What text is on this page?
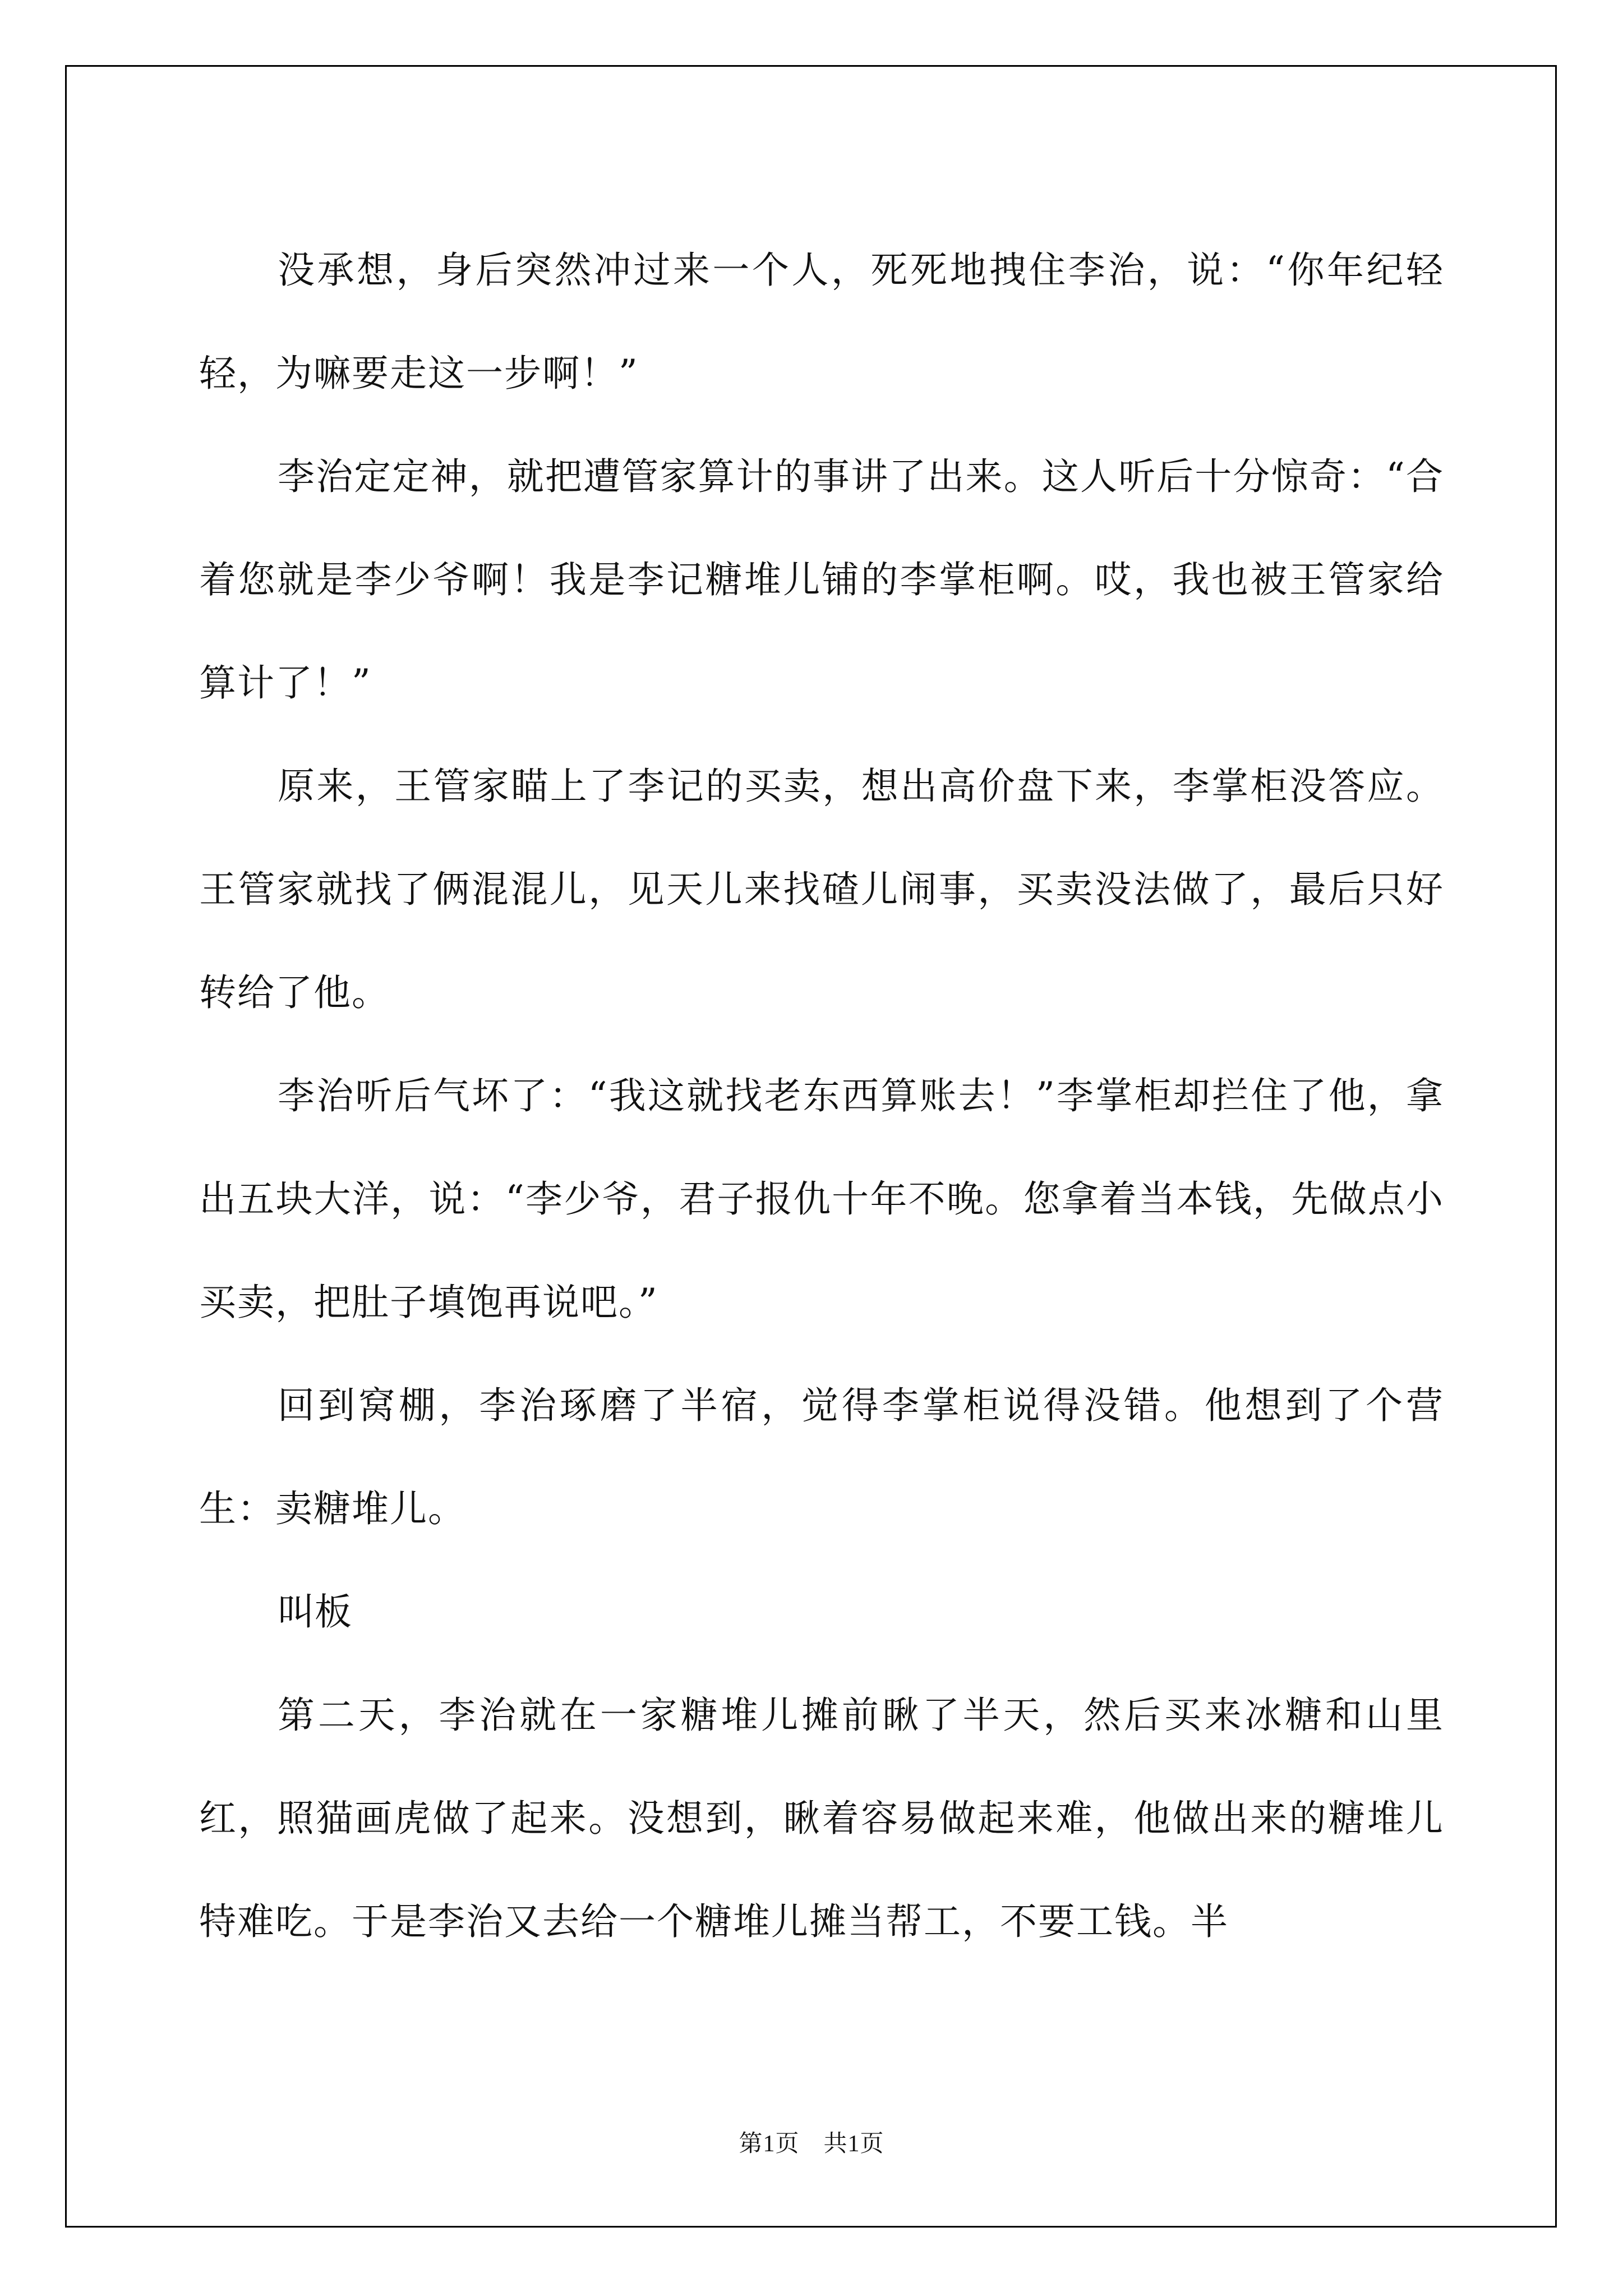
没承想，身后突然冲过来一个人，死死地拽住李治，说：“你年纪轻轻，为嘛要走这一步啊！”

李治定定神，就把遭管家算计的事讲了出来。这人听后十分惊奇：“合着您就是李少爷啊！我是李记糖堆儿铺的李掌柜啊。哎，我也被王管家给算计了！”

原来，王管家瞄上了李记的买卖，想出高价盘下来，李掌柜没答应。王管家就找了俩混混儿，见天儿来找碴儿闹事，买卖没法做了，最后只好转给了他。

李治听后气坏了：“我这就找老东西算账去！”李掌柜却拦住了他，拿出五块大洋，说：“李少爷，君子报仇十年不晚。您拿着当本钱，先做点小买卖，把肚子填饱再说吧。”

回到窝棚，李治琢磨了半宿，觉得李掌柜说得没错。他想到了个营生：卖糖堆儿。

叫板

第二天，李治就在一家糖堆儿摊前瞅了半天，然后买来冰糖和山里红，照猫画虎做了起来。没想到，瞅着容易做起来难，他做出来的糖堆儿特难吃。于是李治又去给一个糖堆儿摊当帮工，不要工钱。半

第1页　共1页
